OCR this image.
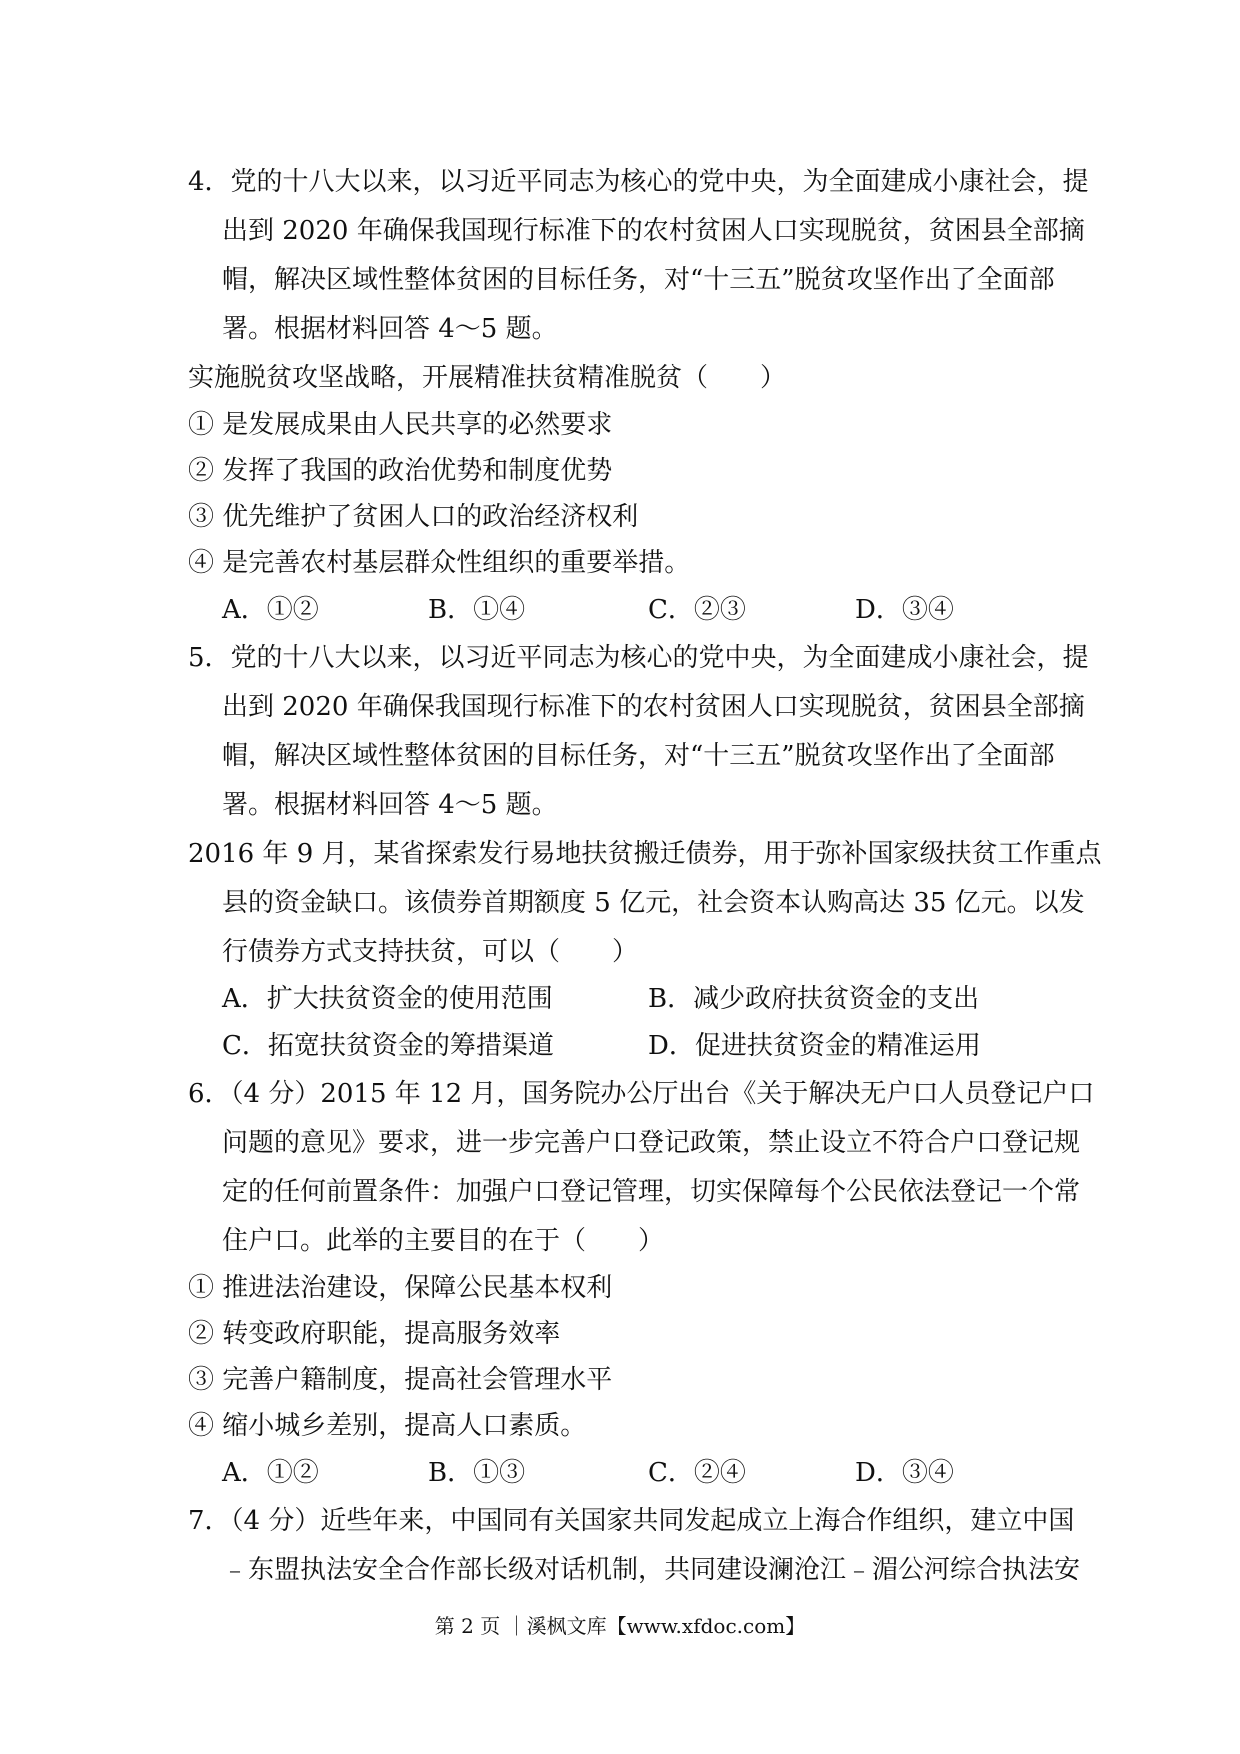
4．党的十八大以来，以习近平同志为核心的党中央，为全面建成小康社会，提
出到 2020 年确保我国现行标准下的农村贫困人口实现脱贫，贫困县全部摘
帽，解决区域性整体贫困的目标任务，对“十三五”脱贫攻坚作出了全面部
署。根据材料回答 4～5 题。
实施脱贫攻坚战略，开展精准扶贫精准脱贫（　　）
① 是发展成果由人民共享的必然要求
② 发挥了我国的政治优势和制度优势
③ 优先维护了贫困人口的政治经济权利
④ 是完善农村基层群众性组织的重要举措。
A．①②	B．①④	C．②③	D．③④
5．党的十八大以来，以习近平同志为核心的党中央，为全面建成小康社会，提
出到 2020 年确保我国现行标准下的农村贫困人口实现脱贫，贫困县全部摘
帽，解决区域性整体贫困的目标任务，对“十三五”脱贫攻坚作出了全面部
署。根据材料回答 4～5 题。
2016 年 9 月，某省探索发行易地扶贫搬迁债券，用于弥补国家级扶贫工作重点
县的资金缺口。该债券首期额度 5 亿元，社会资本认购高达 35 亿元。以发
行债券方式支持扶贫，可以（　　）
A．扩大扶贫资金的使用范围	B．减少政府扶贫资金的支出
C．拓宽扶贫资金的筹措渠道	D．促进扶贫资金的精准运用
6．（4 分）2015 年 12 月，国务院办公厅出台《关于解决无户口人员登记户口
问题的意见》要求，进一步完善户口登记政策，禁止设立不符合户口登记规
定的任何前置条件：加强户口登记管理，切实保障每个公民依法登记一个常
住户口。此举的主要目的在于（　　）
① 推进法治建设，保障公民基本权利
② 转变政府职能，提高服务效率
③ 完善户籍制度，提高社会管理水平
④ 缩小城乡差别，提高人口素质。
A．①②	B．①③	C．②④	D．③④
7．（4 分）近些年来，中国同有关国家共同发起成立上海合作组织，建立中国
﹣东盟执法安全合作部长级对话机制，共同建设澜沧江﹣湄公河综合执法安
第 2 页 ｜溪枫文库【www.xfdoc.com】
